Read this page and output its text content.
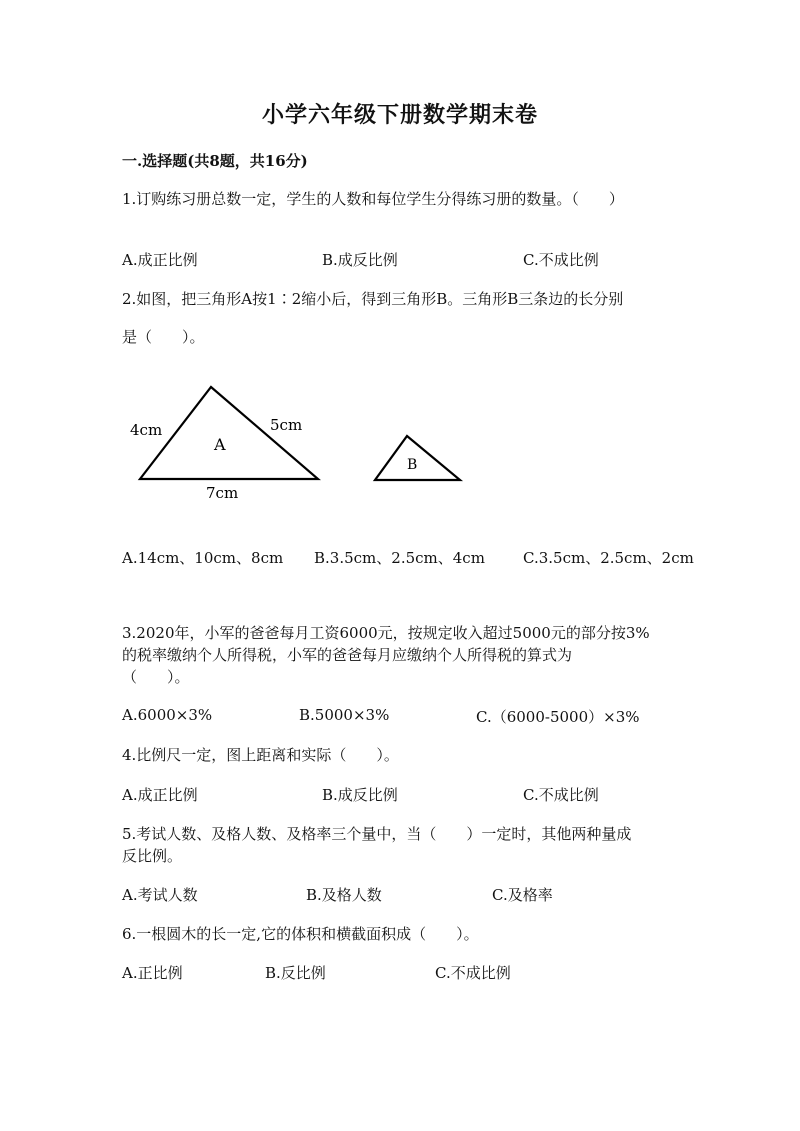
小学六年级下册数学期末卷
一.选择题(共8题，共16分)
1.订购练习册总数一定，学生的人数和每位学生分得练习册的数量。（　　）
A.成正比例	B.成反比例	C.不成比例
2.如图，把三角形A按1∶2缩小后，得到三角形B。三角形B三条边的长分别
是（　　）。
A
B
4cm	5cm
7cm
A.14cm、10cm、8cm B.3.5cm、2.5cm、4cm	C.3.5cm、2.5cm、2cm
3.2020年，小军的爸爸每月工资6000元，按规定收入超过5000元的部分按3%
的税率缴纳个人所得税，小军的爸爸每月应缴纳个人所得税的算式为
（　　）。
A.6000×3%	B.5000×3%	C.（6000-5000）×3%
4.比例尺一定，图上距离和实际（　　）。
A.成正比例	B.成反比例	C.不成比例
5.考试人数、及格人数、及格率三个量中，当（　　）一定时，其他两种量成
反比例。
A.考试人数	B.及格人数	C.及格率
6.一根圆木的长一定,它的体积和横截面积成（　　）。
A.正比例	B.反比例	C.不成比例
